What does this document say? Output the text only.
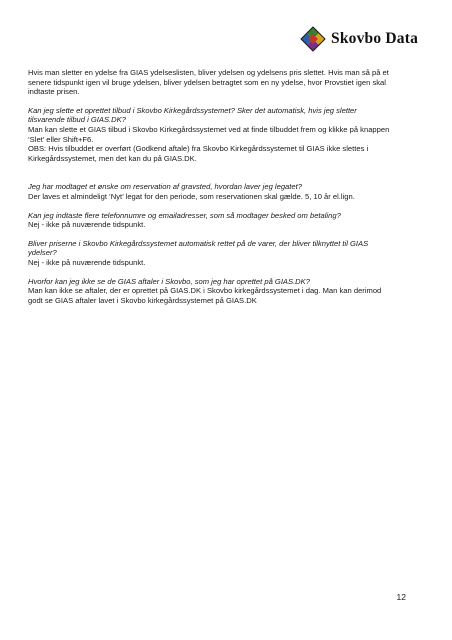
Skovbo Data
Hvis man sletter en ydelse fra GIAS ydelseslisten, bliver ydelsen og ydelsens pris slettet. Hvis man så på et
senere tidspunkt igen vil bruge ydelsen, bliver ydelsen betragtet som en ny ydelse, hvor Provstiet igen skal
indtaste prisen.
Kan jeg slette et oprettet tilbud i Skovbo Kirkegårdssystemet? Sker det automatisk, hvis jeg sletter
tilsvarende tilbud i GIAS.DK?
Man kan slette et GIAS tilbud i Skovbo Kirkegårdssystemet ved at finde tilbuddet frem og klikke på knappen
‘Slet’ eller Shift+F6.
OBS: Hvis tilbuddet er overført (Godkend aftale) fra Skovbo Kirkegårdssystemet til GIAS ikke slettes i
Kirkegårdssystemet, men det kan du på GIAS.DK.
Jeg har modtaget et ønske om reservation af gravsted, hvordan laver jeg legatet?
Der laves et almindeligt ‘Nyt’ legat for den periode, som reservationen skal gælde. 5, 10 år el.lign.
Kan jeg indtaste flere telefonnumre og emailadresser, som så modtager besked om betaling?
Nej - ikke på nuværende tidspunkt.
Bliver priserne i Skovbo Kirkegårdssystemet automatisk rettet på de varer, der bliver tilknyttet til GIAS
ydelser?
Nej - ikke på nuværende tidspunkt.
Hvorfor kan jeg ikke se de GIAS aftaler i Skovbo, som jeg har oprettet på GIAS.DK?
Man kan ikke se aftaler, der er oprettet på GIAS.DK i Skovbo kirkegårdssystemet i dag. Man kan derimod
godt se GIAS aftaler lavet i Skovbo kirkegårdssystemet på GIAS.DK
12
